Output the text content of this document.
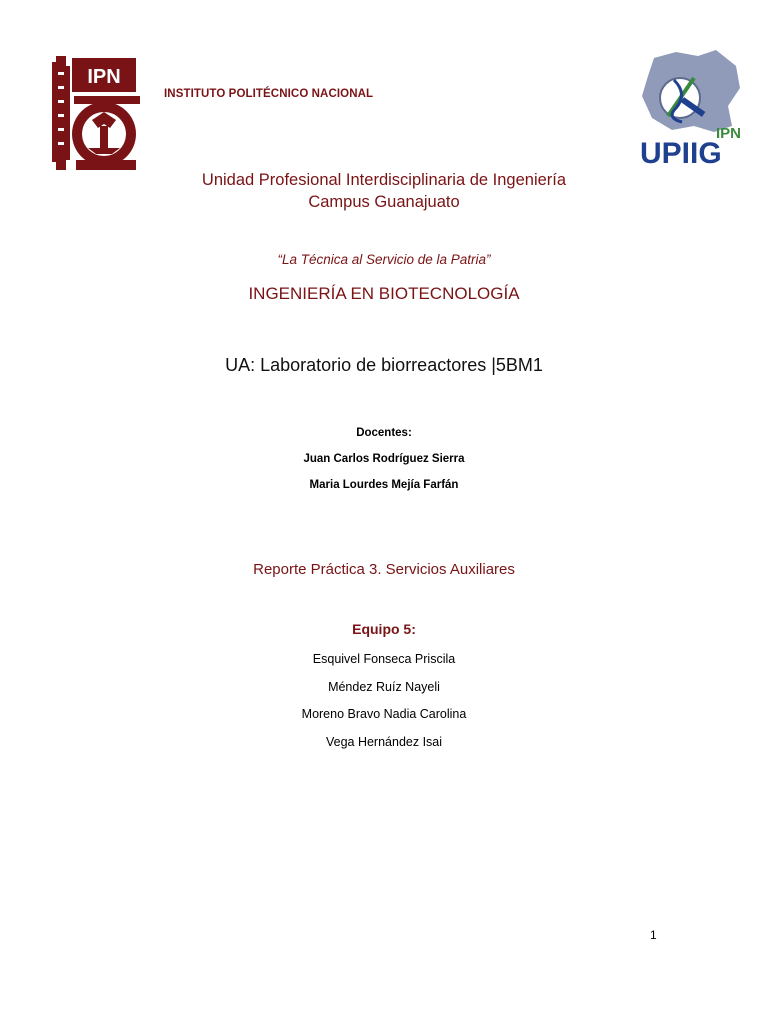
IPN
IPN
UPIIG
INSTITUTO POLITÉCNICO NACIONAL
Unidad Profesional Interdisciplinaria de Ingeniería
Campus Guanajuato
“La Técnica al Servicio de la Patria”
INGENIERÍA EN BIOTECNOLOGÍA
UA: Laboratorio de biorreactores |5BM1
Docentes:
Juan Carlos Rodríguez Sierra
Maria Lourdes Mejía Farfán
Reporte Práctica 3. Servicios Auxiliares
Equipo 5:
Esquivel Fonseca Priscila
Méndez Ruíz Nayeli
Moreno Bravo Nadia Carolina
Vega Hernández Isai
1
